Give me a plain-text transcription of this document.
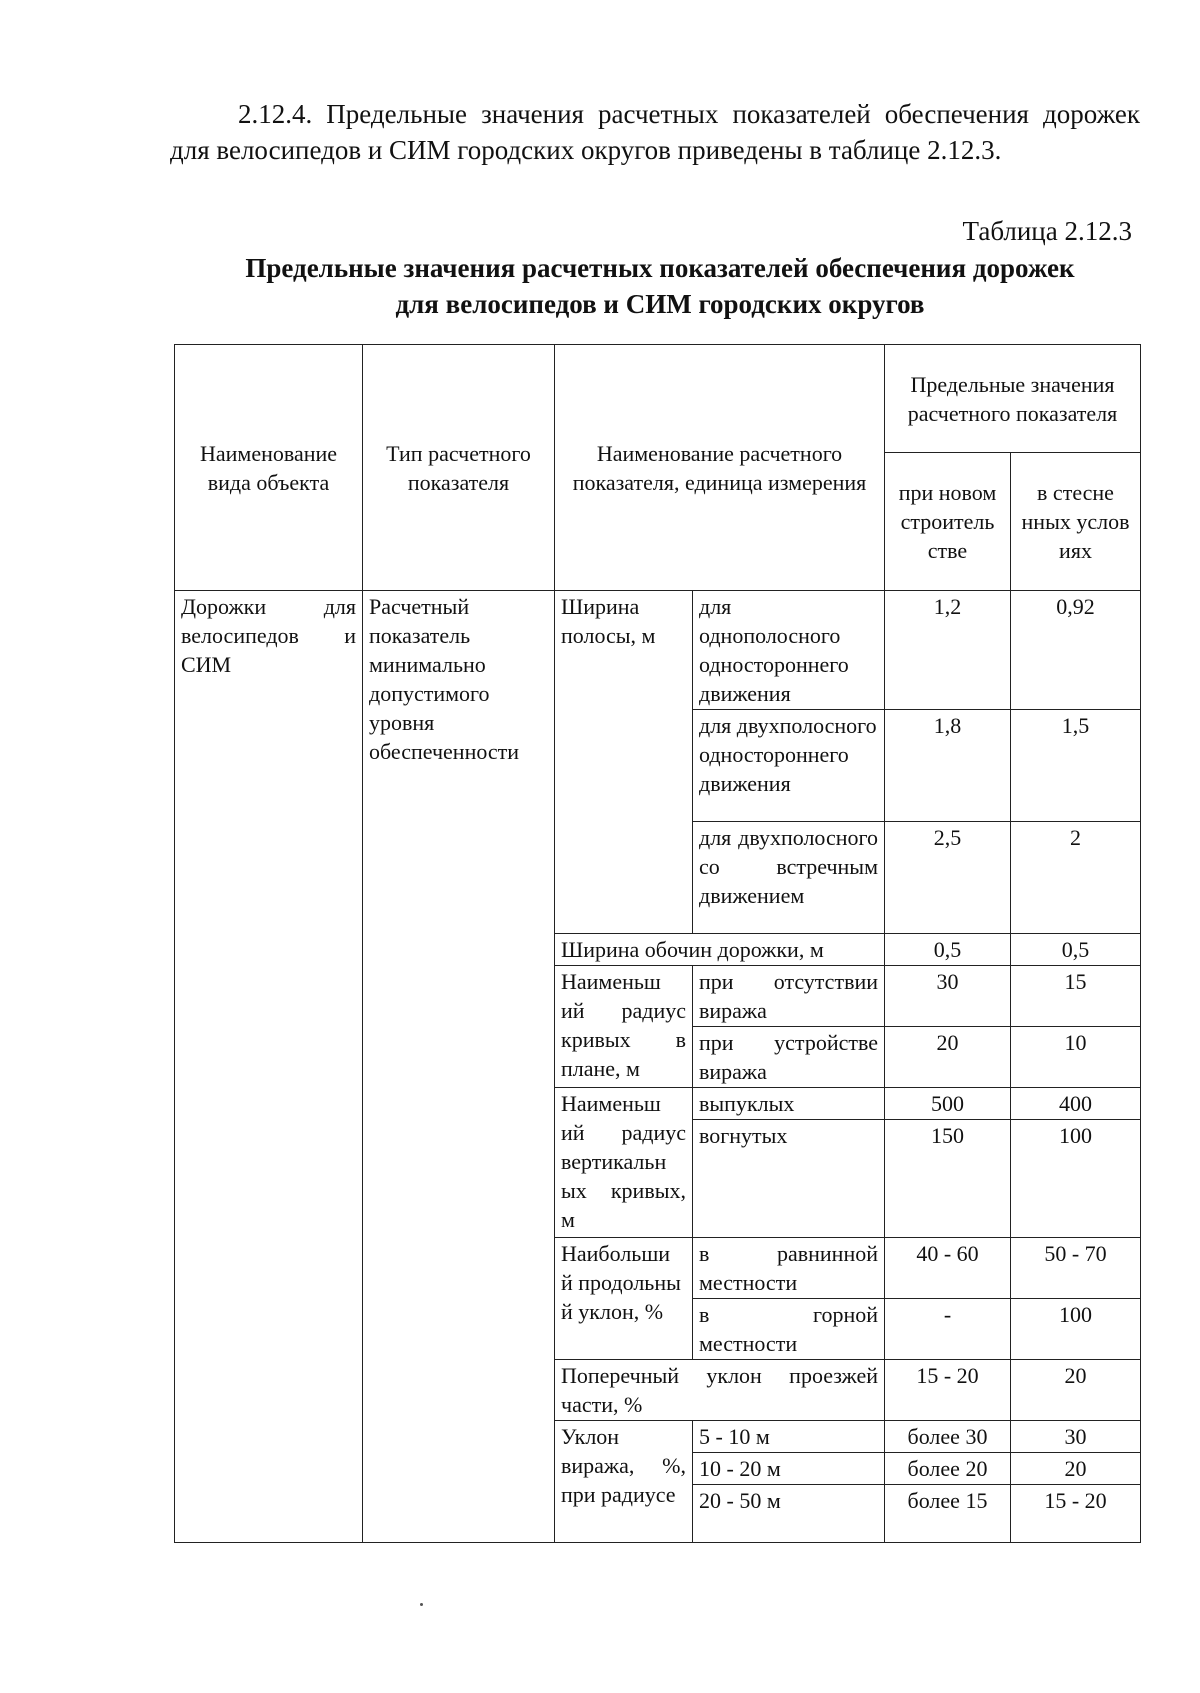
2.12.4. Предельные значения расчетных показателей обеспечения дорожек для велосипедов и СИМ городских округов приведены в таблице 2.12.3.

Таблица 2.12.3

Предельные значения расчетных показателей обеспечения дорожек
для велосипедов и СИМ городских округов
Наименование вида объекта	Тип расчетного показателя	Наименование расчетного показателя, единица измерения		Предельные значения расчетного показателя	
				при новом строитель стве	в стесне нных услов иях
Дорожки для велосипедов и СИМ	Расчетный показатель минимально допустимого уровня обеспеченности	Ширина полосы, м	для однополосного одностороннего движения	1,2	0,92
			для двухполосного одностороннего движения	1,8	1,5
			для двухполосного со встречным движением	2,5	2
		Ширина обочин дорожки, м		0,5	0,5
		Наименьш ий радиус кривых в плане, м	при отсутствии виража	30	15
			при устройстве виража	20	10
		Наименьш ий радиус вертикальн ых кривых, м	выпуклых	500	400
			вогнутых	150	100
		Наибольши й продольны й уклон, %	в равнинной местности	40 - 60	50 - 70
			в горной местности	-	100
		Поперечный уклон проезжей части, %		15 - 20	20
		Уклон виража, %, при радиусе	5 - 10 м	более 30	30
			10 - 20 м	более 20	20
			20 - 50 м	более 15	15 - 20
